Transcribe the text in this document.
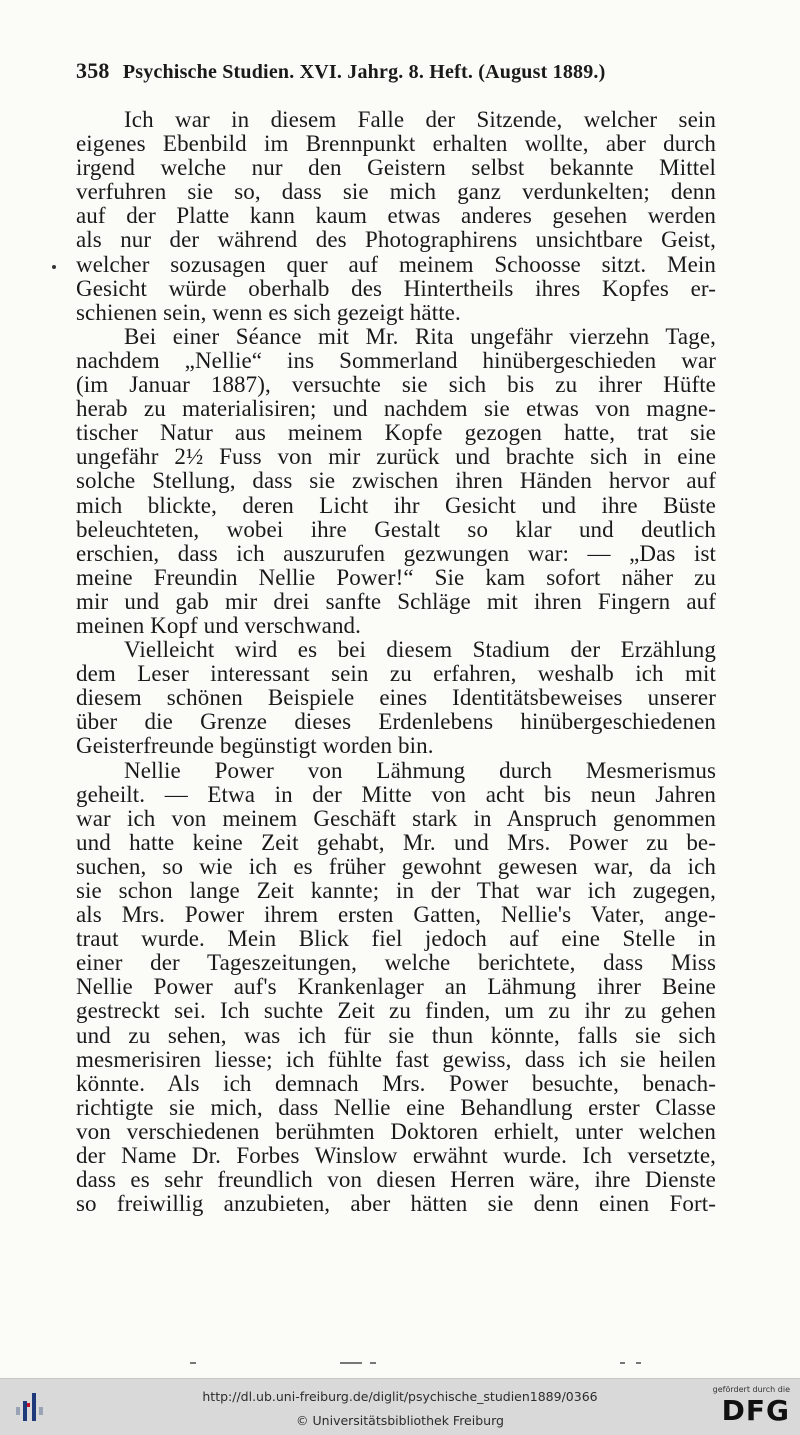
358 Psychische Studien. XVI. Jahrg. 8. Heft. (August 1889.)

Ich war in diesem Falle der Sitzende, welcher sein
eigenes Ebenbild im Brennpunkt erhalten wollte, aber durch
irgend welche nur den Geistern selbst bekannte Mittel
verfuhren sie so, dass sie mich ganz verdunkelten; denn
auf der Platte kann kaum etwas anderes gesehen werden
als nur der während des Photographirens unsichtbare Geist,
welcher sozusagen quer auf meinem Schoosse sitzt. Mein
Gesicht würde oberhalb des Hintertheils ihres Kopfes er-
schienen sein, wenn es sich gezeigt hätte.

Bei einer Séance mit Mr. Rita ungefähr vierzehn Tage,
nachdem „Nellie“ ins Sommerland hinübergeschieden war
(im Januar 1887), versuchte sie sich bis zu ihrer Hüfte
herab zu materialisiren; und nachdem sie etwas von magne-
tischer Natur aus meinem Kopfe gezogen hatte, trat sie
ungefähr 2½ Fuss von mir zurück und brachte sich in eine
solche Stellung, dass sie zwischen ihren Händen hervor auf
mich blickte, deren Licht ihr Gesicht und ihre Büste
beleuchteten, wobei ihre Gestalt so klar und deutlich
erschien, dass ich auszurufen gezwungen war: — „Das ist
meine Freundin Nellie Power!“ Sie kam sofort näher zu
mir und gab mir drei sanfte Schläge mit ihren Fingern auf
meinen Kopf und verschwand.

Vielleicht wird es bei diesem Stadium der Erzählung
dem Leser interessant sein zu erfahren, weshalb ich mit
diesem schönen Beispiele eines Identitätsbeweises unserer
über die Grenze dieses Erdenlebens hinübergeschiedenen
Geisterfreunde begünstigt worden bin.

Nellie Power von Lähmung durch Mesmerismus
geheilt. — Etwa in der Mitte von acht bis neun Jahren
war ich von meinem Geschäft stark in Anspruch genommen
und hatte keine Zeit gehabt, Mr. und Mrs. Power zu be-
suchen, so wie ich es früher gewohnt gewesen war, da ich
sie schon lange Zeit kannte; in der That war ich zugegen,
als Mrs. Power ihrem ersten Gatten, Nellie's Vater, ange-
traut wurde. Mein Blick fiel jedoch auf eine Stelle in
einer der Tageszeitungen, welche berichtete, dass Miss
Nellie Power auf's Krankenlager an Lähmung ihrer Beine
gestreckt sei. Ich suchte Zeit zu finden, um zu ihr zu gehen
und zu sehen, was ich für sie thun könnte, falls sie sich
mesmerisiren liesse; ich fühlte fast gewiss, dass ich sie heilen
könnte. Als ich demnach Mrs. Power besuchte, benach-
richtigte sie mich, dass Nellie eine Behandlung erster Classe
von verschiedenen berühmten Doktoren erhielt, unter welchen
der Name Dr. Forbes Winslow erwähnt wurde. Ich versetzte,
dass es sehr freundlich von diesen Herren wäre, ihre Dienste
so freiwillig anzubieten, aber hätten sie denn einen Fort-

http://dl.ub.uni-freiburg.de/diglit/psychische_studien1889/0366
© Universitätsbibliothek Freiburg
gefördert durch die
DFG
